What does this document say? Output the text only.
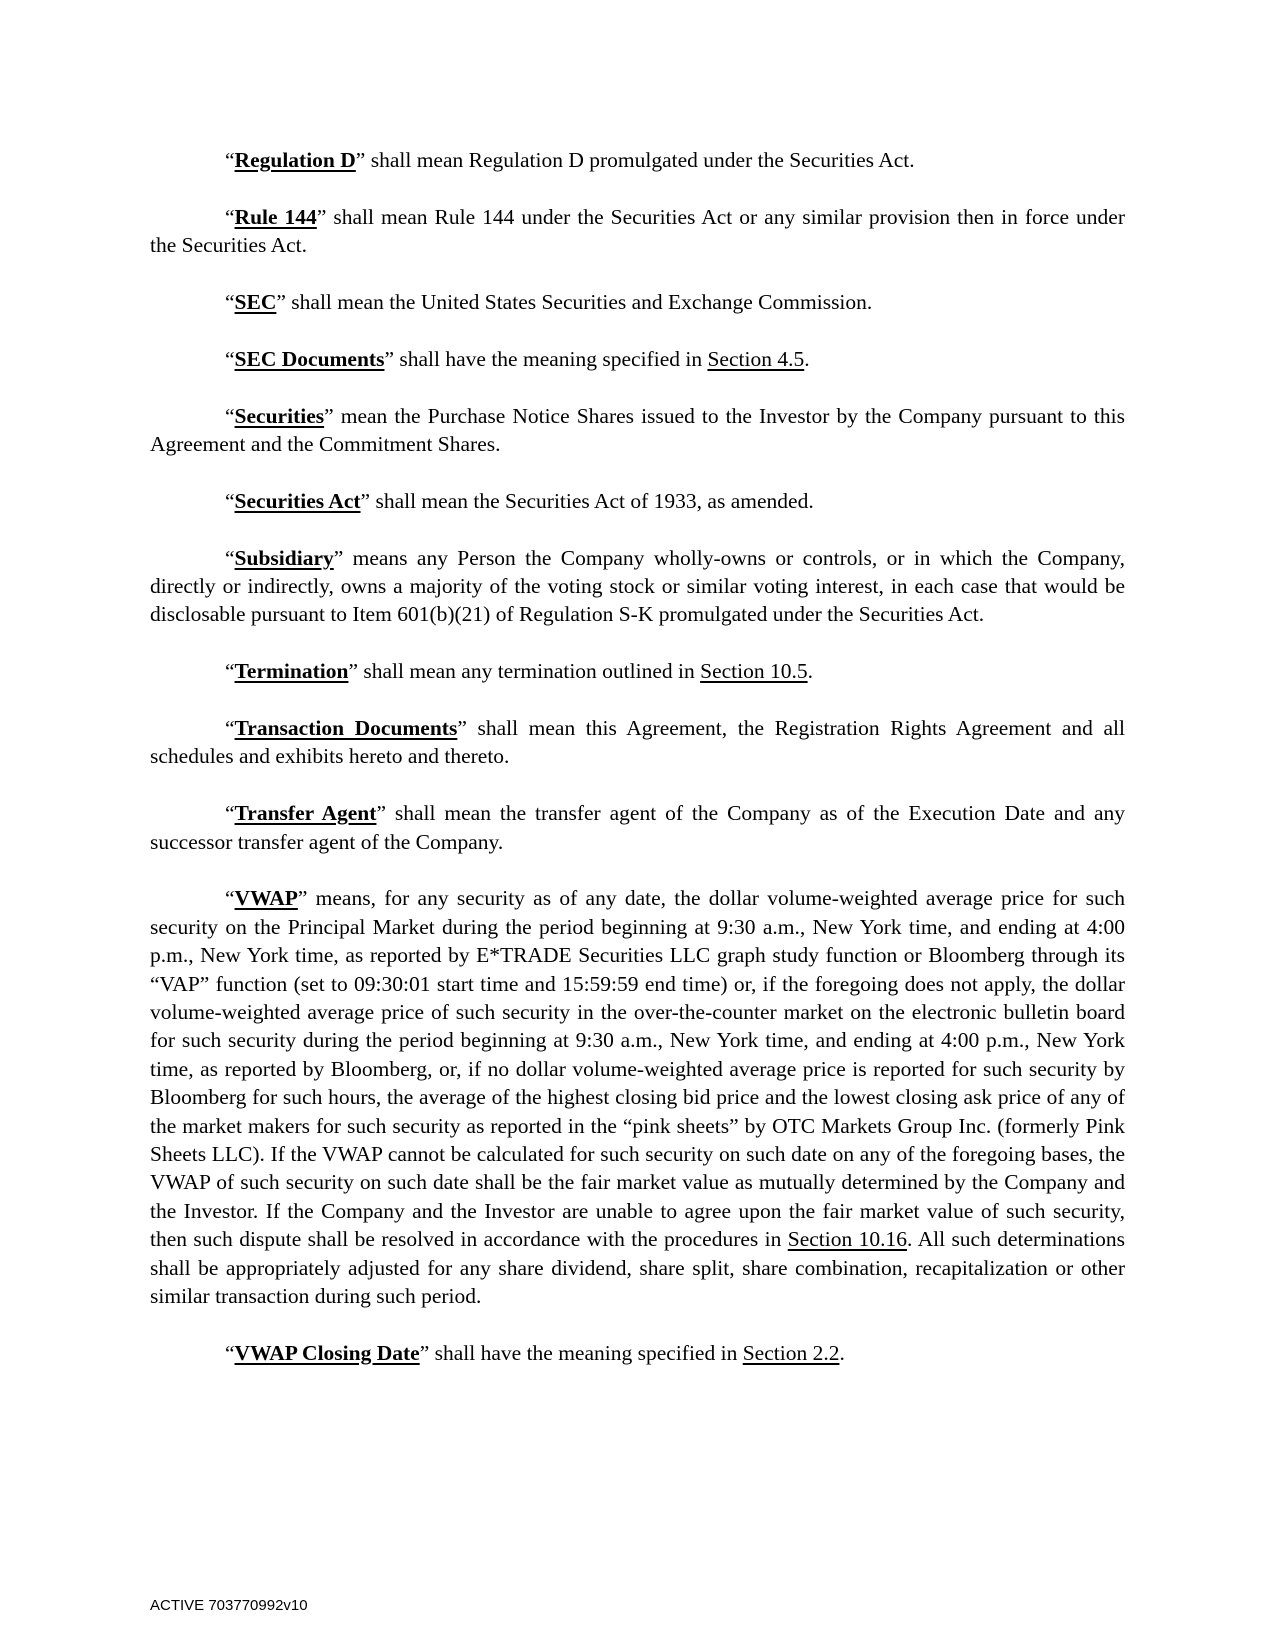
“Regulation D” shall mean Regulation D promulgated under the Securities Act.

“Rule 144” shall mean Rule 144 under the Securities Act or any similar provision then in force under the Securities Act.

“SEC” shall mean the United States Securities and Exchange Commission.

“SEC Documents” shall have the meaning specified in Section 4.5.

“Securities” mean the Purchase Notice Shares issued to the Investor by the Company pursuant to this Agreement and the Commitment Shares.

“Securities Act” shall mean the Securities Act of 1933, as amended.

“Subsidiary” means any Person the Company wholly-owns or controls, or in which the Company, directly or indirectly, owns a majority of the voting stock or similar voting interest, in each case that would be disclosable pursuant to Item 601(b)(21) of Regulation S-K promulgated under the Securities Act.

“Termination” shall mean any termination outlined in Section 10.5.

“Transaction Documents” shall mean this Agreement, the Registration Rights Agreement and all schedules and exhibits hereto and thereto.

“Transfer Agent” shall mean the transfer agent of the Company as of the Execution Date and any successor transfer agent of the Company.

“VWAP” means, for any security as of any date, the dollar volume-weighted average price for such security on the Principal Market during the period beginning at 9:30 a.m., New York time, and ending at 4:00 p.m., New York time, as reported by E*TRADE Securities LLC graph study function or Bloomberg through its “VAP” function (set to 09:30:01 start time and 15:59:59 end time) or, if the foregoing does not apply, the dollar volume-weighted average price of such security in the over-the-counter market on the electronic bulletin board for such security during the period beginning at 9:30 a.m., New York time, and ending at 4:00 p.m., New York time, as reported by Bloomberg, or, if no dollar volume-weighted average price is reported for such security by Bloomberg for such hours, the average of the highest closing bid price and the lowest closing ask price of any of the market makers for such security as reported in the “pink sheets” by OTC Markets Group Inc. (formerly Pink Sheets LLC). If the VWAP cannot be calculated for such security on such date on any of the foregoing bases, the VWAP of such security on such date shall be the fair market value as mutually determined by the Company and the Investor. If the Company and the Investor are unable to agree upon the fair market value of such security, then such dispute shall be resolved in accordance with the procedures in Section 10.16. All such determinations shall be appropriately adjusted for any share dividend, share split, share combination, recapitalization or other similar transaction during such period.

“VWAP Closing Date” shall have the meaning specified in Section 2.2.

ACTIVE 703770992v10
